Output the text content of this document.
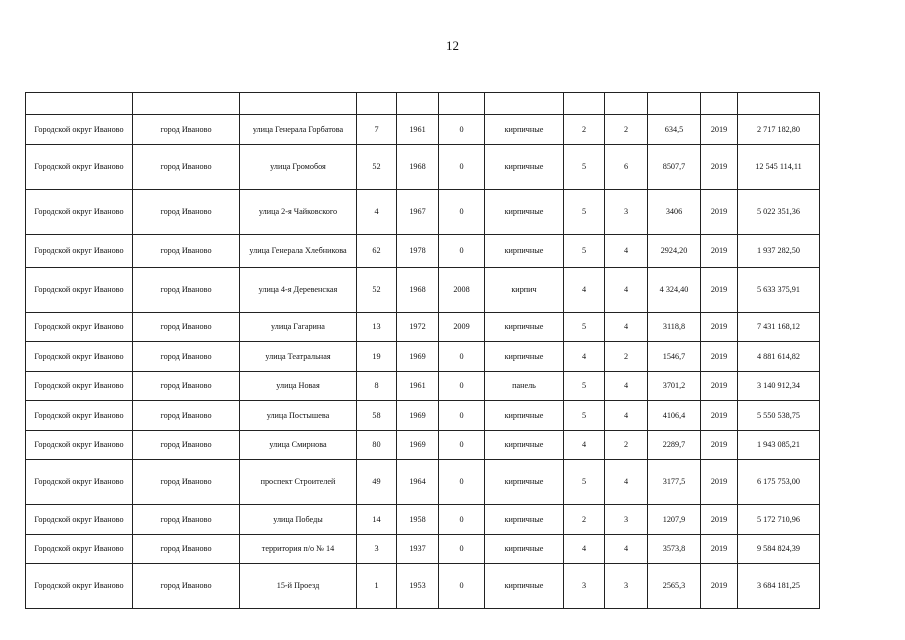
12

Городской округ Иваново	город Иваново	улица Генерала Горбатова	7	1961	0	кирпичные	2	2	634,5	2019		2 717 182,80
Городской округ Иваново	город Иваново	улица Громобоя	52	1968	0	кирпичные	5	6	8507,7	2019		12 545 114,11
Городской округ Иваново	город Иваново	улица 2-я Чайковского	4	1967	0	кирпичные	5	3	3406	2019		5 022 351,36
Городской округ Иваново	город Иваново	улица Генерала Хлебникова	62	1978	0	кирпичные	5	4	2924,20	2019		1 937 282,50
Городской округ Иваново	город Иваново	улица 4-я Деревенская	52	1968	2008	кирпич	4	4	4 324,40	2019		5 633 375,91
Городской округ Иваново	город Иваново	улица Гагарина	13	1972	2009	кирпичные	5	4	3118,8	2019		7 431 168,12
Городской округ Иваново	город Иваново	улица Театральная	19	1969	0	кирпичные	4	2	1546,7	2019		4 881 614,82
Городской округ Иваново	город Иваново	улица Новая	8	1961	0	панель	5	4	3701,2	2019		3 140 912,34
Городской округ Иваново	город Иваново	улица Постышева	58	1969	0	кирпичные	5	4	4106,4	2019		5 550 538,75
Городской округ Иваново	город Иваново	улица Смирнова	80	1969	0	кирпичные	4	2	2289,7	2019		1 943 085,21
Городской округ Иваново	город Иваново	проспект Строителей	49	1964	0	кирпичные	5	4	3177,5	2019		6 175 753,00
Городской округ Иваново	город Иваново	улица Победы	14	1958	0	кирпичные	2	3	1207,9	2019		5 172 710,96
Городской округ Иваново	город Иваново	территория п/о № 14	3	1937	0	кирпичные	4	4	3573,8	2019		9 584 824,39
Городской округ Иваново	город Иваново	15-й Проезд	1	1953	0	кирпичные	3	3	2565,3	2019		3 684 181,25
